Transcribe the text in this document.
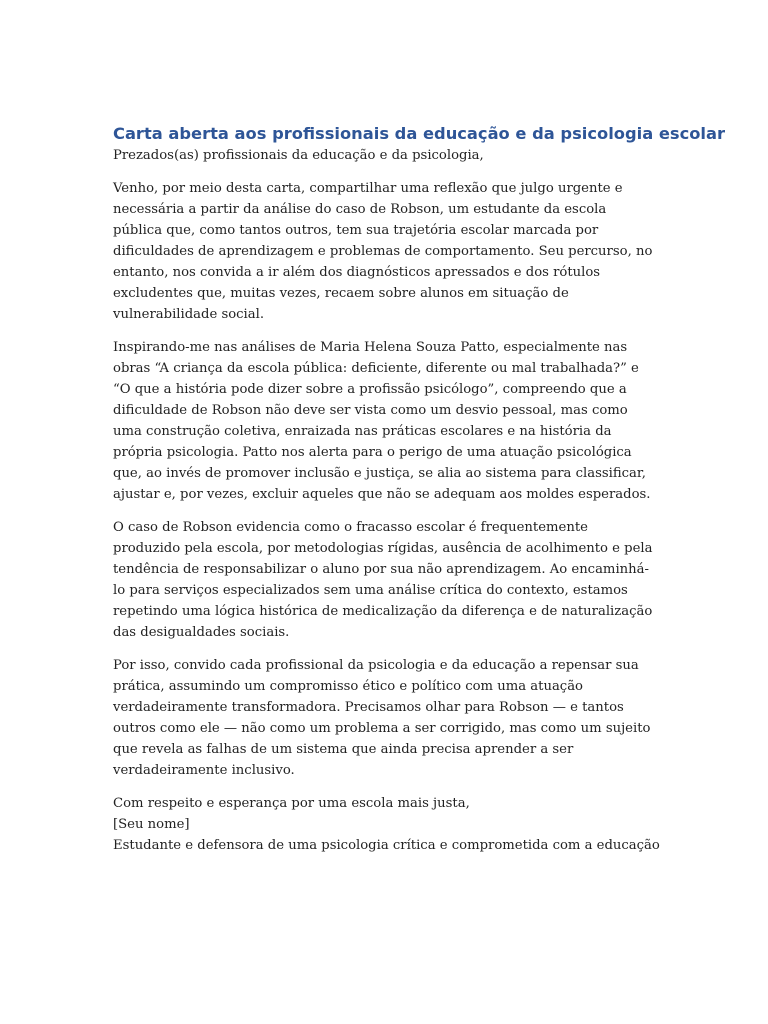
Carta aberta aos profissionais da educação e da psicologia escolar

Prezados(as) profissionais da educação e da psicologia,

Venho, por meio desta carta, compartilhar uma reflexão que julgo urgente e necessária a partir da análise do caso de Robson, um estudante da escola pública que, como tantos outros, tem sua trajetória escolar marcada por dificuldades de aprendizagem e problemas de comportamento. Seu percurso, no entanto, nos convida a ir além dos diagnósticos apressados e dos rótulos excludentes que, muitas vezes, recaem sobre alunos em situação de vulnerabilidade social.

Inspirando-me nas análises de Maria Helena Souza Patto, especialmente nas obras “A criança da escola pública: deficiente, diferente ou mal trabalhada?” e “O que a história pode dizer sobre a profissão psicólogo”, compreendo que a dificuldade de Robson não deve ser vista como um desvio pessoal, mas como uma construção coletiva, enraizada nas práticas escolares e na história da própria psicologia. Patto nos alerta para o perigo de uma atuação psicológica que, ao invés de promover inclusão e justiça, se alia ao sistema para classificar, ajustar e, por vezes, excluir aqueles que não se adequam aos moldes esperados.

O caso de Robson evidencia como o fracasso escolar é frequentemente produzido pela escola, por metodologias rígidas, ausência de acolhimento e pela tendência de responsabilizar o aluno por sua não aprendizagem. Ao encaminhá-lo para serviços especializados sem uma análise crítica do contexto, estamos repetindo uma lógica histórica de medicalização da diferença e de naturalização das desigualdades sociais.

Por isso, convido cada profissional da psicologia e da educação a repensar sua prática, assumindo um compromisso ético e político com uma atuação verdadeiramente transformadora. Precisamos olhar para Robson — e tantos outros como ele — não como um problema a ser corrigido, mas como um sujeito que revela as falhas de um sistema que ainda precisa aprender a ser verdadeiramente inclusivo.

Com respeito e esperança por uma escola mais justa,
[Seu nome]
Estudante e defensora de uma psicologia crítica e comprometida com a educação
